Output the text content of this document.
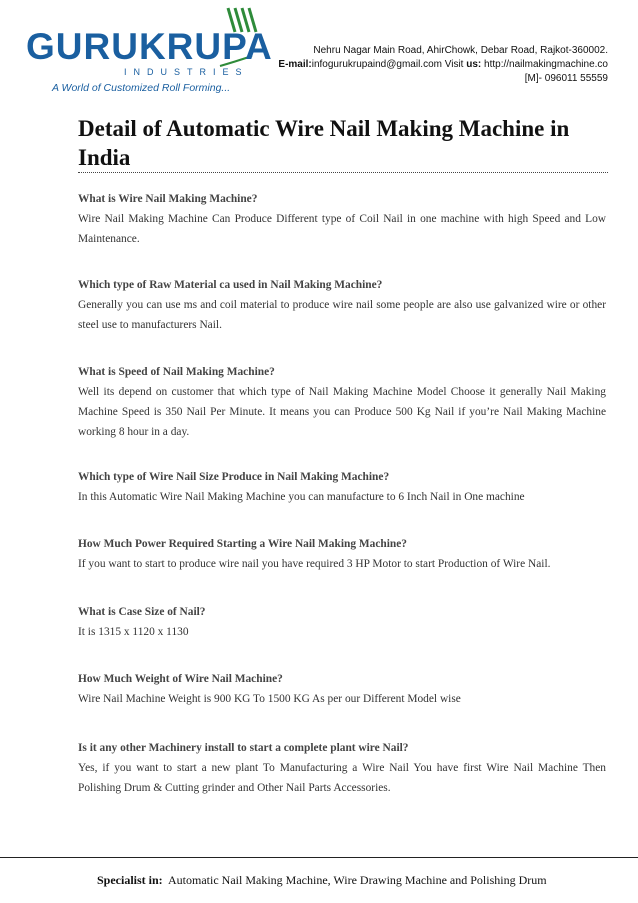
GURUKRUPA
INDUSTRIES
A World of Customized Roll Forming...
Nehru Nagar Main Road, AhirChowk, Debar Road, Rajkot-360002.
E-mail:infogurukrupaind@gmail.com Visit us: http://nailmakingmachine.co
[M]- 096011 55559
Detail of Automatic Wire Nail Making Machine in India
What is Wire Nail Making Machine?
Wire Nail Making Machine Can Produce Different type of Coil Nail in one machine with high Speed and Low Maintenance.
Which type of Raw Material ca used in Nail Making Machine?
Generally you can use ms and coil material to produce wire nail some people are also use galvanized wire or other steel use to manufacturers Nail.
What is Speed of Nail Making Machine?
Well its depend on customer that which type of Nail Making Machine Model Choose it generally Nail Making Machine Speed is 350 Nail Per Minute. It means you can Produce 500 Kg Nail if you’re Nail Making Machine working 8 hour in a day.
Which type of Wire Nail Size Produce in Nail Making Machine?
In this Automatic Wire Nail Making Machine you can manufacture to 6 Inch Nail in One machine
How Much Power Required Starting a Wire Nail Making Machine?
If you want to start to produce wire nail you have required 3 HP Motor to start Production of Wire Nail.
What is Case Size of Nail?
It is 1315 x 1120 x 1130
How Much Weight of Wire Nail Machine?
Wire Nail Machine Weight is 900 KG To 1500 KG As per our Different Model wise
Is it any other Machinery install to start a complete plant wire Nail?
Yes, if you want to start a new plant To Manufacturing a Wire Nail You have first Wire Nail Machine Then Polishing Drum & Cutting grinder and Other Nail Parts Accessories.
Specialist in: Automatic Nail Making Machine, Wire Drawing Machine and Polishing Drum
